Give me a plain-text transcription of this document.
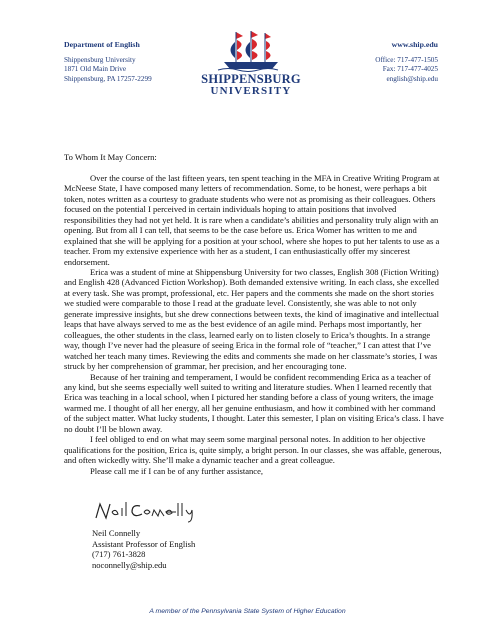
Department of English
Shippensburg University
1871 Old Main Drive
Shippensburg, PA 17257-2299	SHIPPENSBURG
UNIVERSITY
www.ship.edu
Office: 717-477-1505
Fax: 717-477-4025
english@ship.edu

To Whom It May Concern:

Over the course of the last fifteen years, ten spent teaching in the MFA in Creative Writing Program at McNeese State, I have composed many letters of recommendation. Some, to be honest, were perhaps a bit token, notes written as a courtesy to graduate students who were not as promising as their colleagues. Others focused on the potential I perceived in certain individuals hoping to attain positions that involved responsibilities they had not yet held. It is rare when a candidate’s abilities and personality truly align with an opening. But from all I can tell, that seems to be the case before us. Erica Womer has written to me and explained that she will be applying for a position at your school, where she hopes to put her talents to use as a teacher. From my extensive experience with her as a student, I can enthusiastically offer my sincerest endorsement.

Erica was a student of mine at Shippensburg University for two classes, English 308 (Fiction Writing) and English 428 (Advanced Fiction Workshop). Both demanded extensive writing. In each class, she excelled at every task. She was prompt, professional, etc. Her papers and the comments she made on the short stories we studied were comparable to those I read at the graduate level. Consistently, she was able to not only generate impressive insights, but she drew connections between texts, the kind of imaginative and intellectual leaps that have always served to me as the best evidence of an agile mind. Perhaps most importantly, her colleagues, the other students in the class, learned early on to listen closely to Erica’s thoughts. In a strange way, though I’ve never had the pleasure of seeing Erica in the formal role of “teacher,” I can attest that I’ve watched her teach many times. Reviewing the edits and comments she made on her classmate’s stories, I was struck by her comprehension of grammar, her precision, and her encouraging tone.

Because of her training and temperament, I would be confident recommending Erica as a teacher of any kind, but she seems especially well suited to writing and literature studies. When I learned recently that Erica was teaching in a local school, when I pictured her standing before a class of young writers, the image warmed me. I thought of all her energy, all her genuine enthusiasm, and how it combined with her command of the subject matter. What lucky students, I thought. Later this semester, I plan on visiting Erica’s class. I have no doubt I’ll be blown away.

I feel obliged to end on what may seem some marginal personal notes. In addition to her objective qualifications for the position, Erica is, quite simply, a bright person. In our classes, she was affable, generous, and often wickedly witty. She’ll make a dynamic teacher and a great colleague.

Please call me if I can be of any further assistance,

Neil Connelly
Assistant Professor of English
(717) 761-3828
noconnelly@ship.edu
A member of the Pennsylvania State System of Higher Education
